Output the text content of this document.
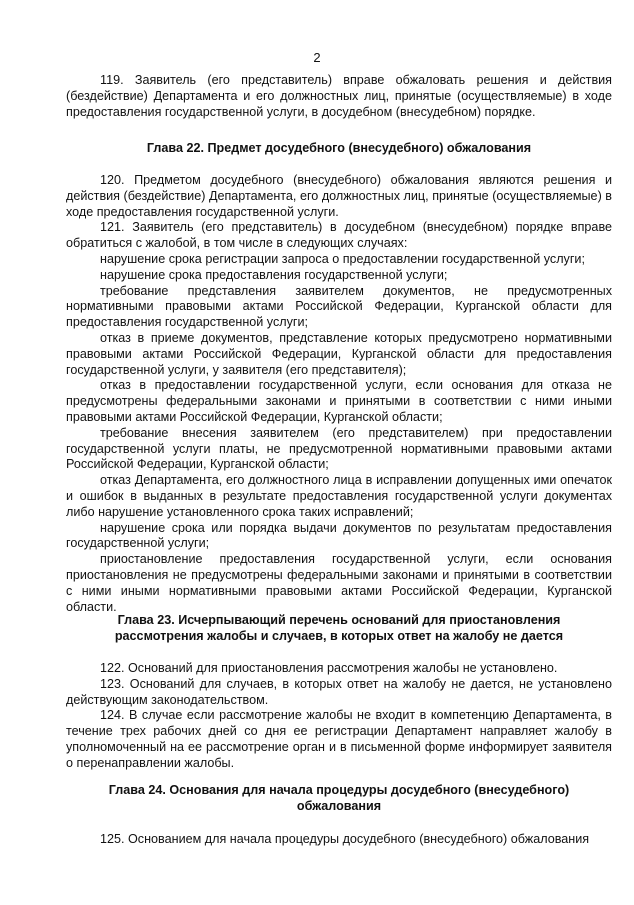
2

119. Заявитель (его представитель) вправе обжаловать решения и действия (бездействие) Департамента и его должностных лиц, принятые (осуществляемые) в ходе предоставления государственной услуги, в досудебном (внесудебном) порядке.

Глава 22. Предмет досудебного (внесудебного) обжалования

120. Предметом досудебного (внесудебного) обжалования являются решения и действия (бездействие) Департамента, его должностных лиц, принятые (осуществляемые) в ходе предоставления государственной услуги.

121. Заявитель (его представитель) в досудебном (внесудебном) порядке вправе обратиться с жалобой, в том числе в следующих случаях:

нарушение срока регистрации запроса о предоставлении государственной услуги;

нарушение срока предоставления государственной услуги;

требование представления заявителем документов, не предусмотренных нормативными правовыми актами Российской Федерации, Курганской области для предоставления государственной услуги;

отказ в приеме документов, представление которых предусмотрено нормативными правовыми актами Российской Федерации, Курганской области для предоставления государственной услуги, у заявителя (его представителя);

отказ в предоставлении государственной услуги, если основания для отказа не предусмотрены федеральными законами и принятыми в соответствии с ними иными правовыми актами Российской Федерации, Курганской области;

требование внесения заявителем (его представителем) при предоставлении государственной услуги платы, не предусмотренной нормативными правовыми актами Российской Федерации, Курганской области;

отказ Департамента, его должностного лица в исправлении допущенных ими опечаток и ошибок в выданных в результате предоставления государственной услуги документах либо нарушение установленного срока таких исправлений;

нарушение срока или порядка выдачи документов по результатам предоставления государственной услуги;

приостановление предоставления государственной услуги, если основания приостановления не предусмотрены федеральными законами и принятыми в соответствии с ними иными нормативными правовыми актами Российской Федерации, Курганской области.

Глава 23. Исчерпывающий перечень оснований для приостановления

рассмотрения жалобы и случаев, в которых ответ на жалобу не дается

122. Оснований для приостановления рассмотрения жалобы не установлено.

123. Оснований для случаев, в которых ответ на жалобу не дается, не установлено действующим законодательством.

124. В случае если рассмотрение жалобы не входит в компетенцию Департамента, в течение трех рабочих дней со дня ее регистрации Департамент направляет жалобу в уполномоченный на ее рассмотрение орган и в письменной форме информирует заявителя о перенаправлении жалобы.

Глава 24. Основания для начала процедуры досудебного (внесудебного)

обжалования

125. Основанием для начала процедуры досудебного (внесудебного) обжалования
